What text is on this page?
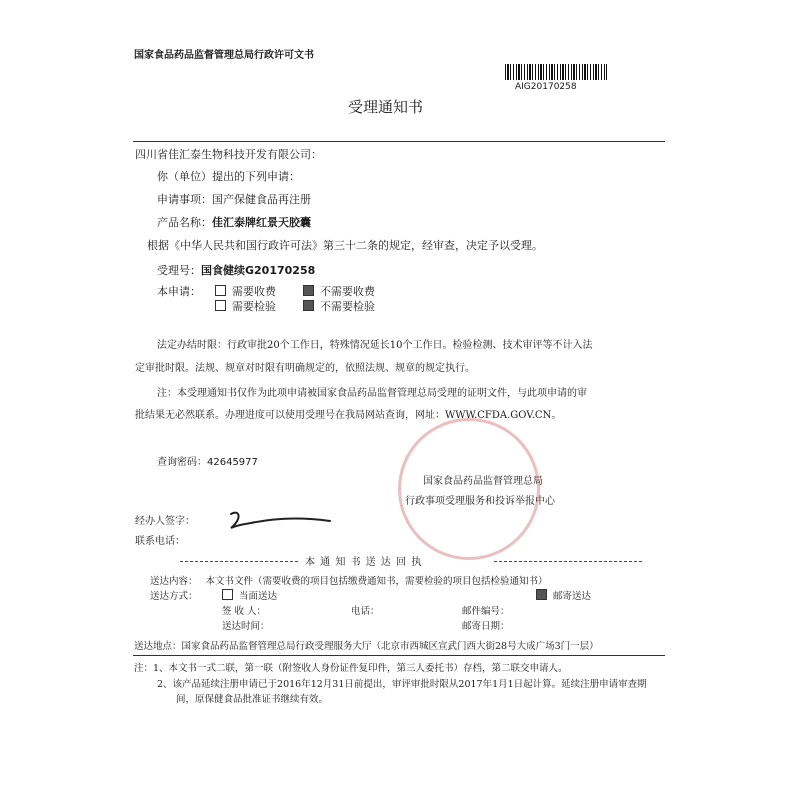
国家食品药品监督管理总局行政许可文书
AIG20170258
受理通知书
四川省佳汇泰生物科技开发有限公司：
你（单位）提出的下列申请：
申请事项：国产保健食品再注册
产品名称：佳汇泰牌红景天胶囊
根据《中华人民共和国行政许可法》第三十二条的规定，经审查，决定予以受理。
受理号：国食健续G20170258
本申请：	需要收费	不需要收费
需要检验	不需要检验
法定办结时限：行政审批20个工作日，特殊情况延长10个工作日。检验检测、技术审评等不计入法
定审批时限。法规、规章对时限有明确规定的，依照法规、规章的规定执行。
注：本受理通知书仅作为此项申请被国家食品药品监督管理总局受理的证明文件，与此项申请的审
批结果无必然联系。办理进度可以使用受理号在我局网站查询，网址：WWW.CFDA.GOV.CN。
查询密码：42645977
国家食品药品监督管理总局
行政事项受理服务和投诉举报中心
经办人签字：
联系电话：
本 通 知 书 送 达 回 执
送达内容： 本文书文件（需要收费的项目包括缴费通知书，需要检验的项目包括检验通知书）
送达方式：	当面送达	邮寄送达
签 收 人：	电话：	邮件编号：
送达时间：	邮寄日期：
送达地点：国家食品药品监督管理总局行政受理服务大厅（北京市西城区宣武门西大街28号大成广场3门一层）
注：1、本文书一式二联，第一联（附签收人身份证件复印件，第三人委托书）存档，第二联交申请人。
2、该产品延续注册申请已于2016年12月31日前提出，审评审批时限从2017年1月1日起计算。延续注册申请审查期
间，原保健食品批准证书继续有效。
